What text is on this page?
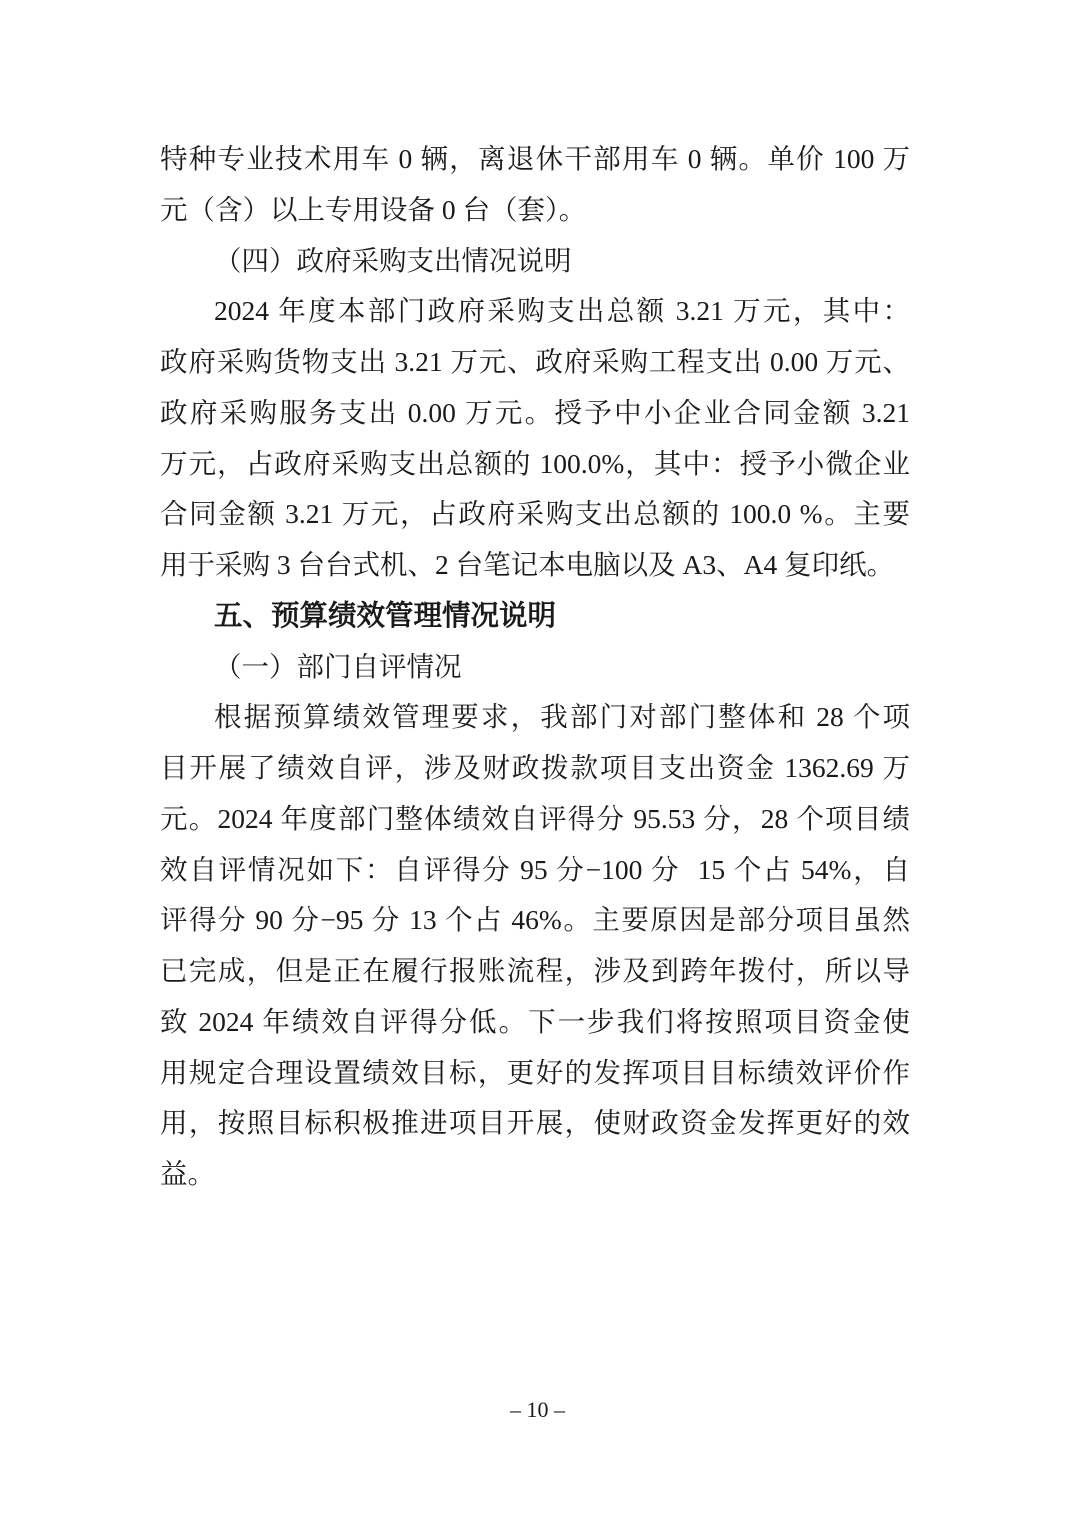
特种专业技术用车 0 辆，离退休干部用车 0 辆。单价 100 万
元（含）以上专用设备 0 台（套）。
（四）政府采购支出情况说明
2024 年度本部门政府采购支出总额 3.21 万元，其中：
政府采购货物支出 3.21 万元、政府采购工程支出 0.00 万元、
政府采购服务支出 0.00 万元。授予中小企业合同金额 3.21
万元，占政府采购支出总额的 100.0%，其中：授予小微企业
合同金额 3.21 万元，占政府采购支出总额的 100.0 %。主要
用于采购 3 台台式机、2 台笔记本电脑以及 A3、A4 复印纸。
五、预算绩效管理情况说明
（一）部门自评情况
根据预算绩效管理要求，我部门对部门整体和 28 个项
目开展了绩效自评，涉及财政拨款项目支出资金 1362.69 万
元。2024 年度部门整体绩效自评得分 95.53 分，28 个项目绩
效自评情况如下：自评得分 95 分−100 分  15 个占 54%，自
评得分 90 分−95 分 13 个占 46%。主要原因是部分项目虽然
已完成，但是正在履行报账流程，涉及到跨年拨付，所以导
致 2024 年绩效自评得分低。下一步我们将按照项目资金使
用规定合理设置绩效目标，更好的发挥项目目标绩效评价作
用，按照目标积极推进项目开展，使财政资金发挥更好的效
益。
– 10 –
